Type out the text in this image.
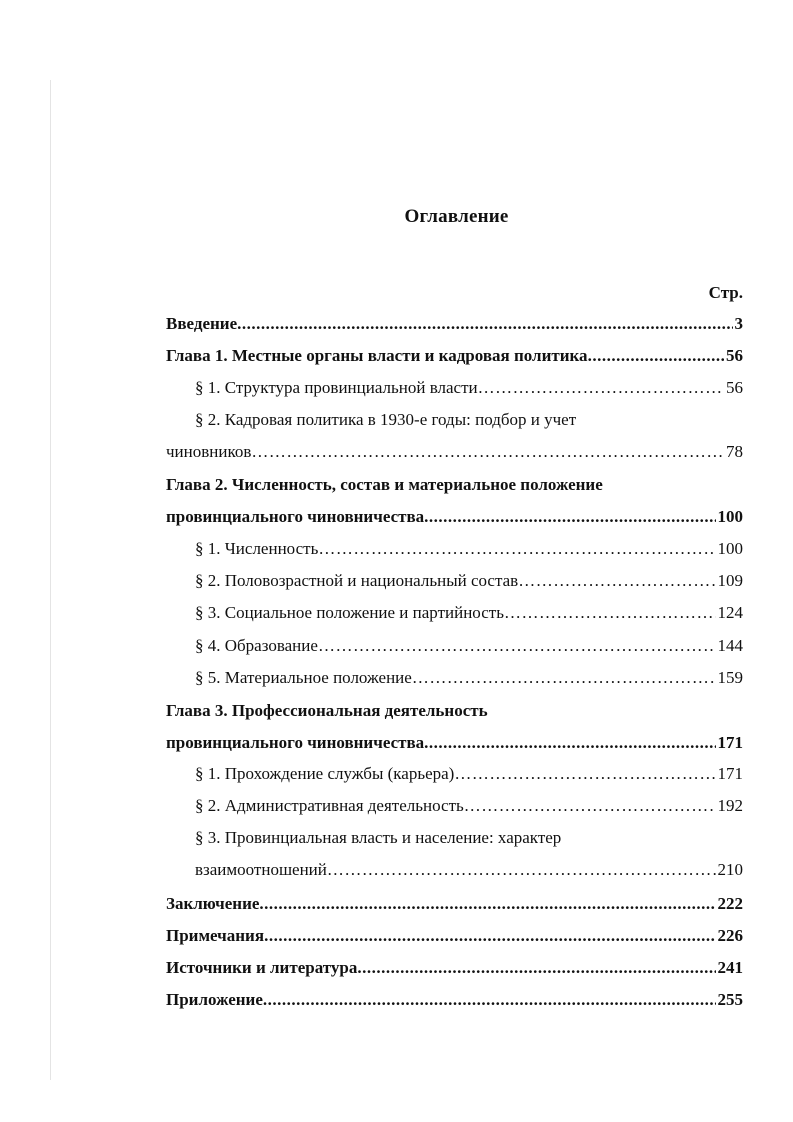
Оглавление
Стр.
Введение .....	3
Глава 1. Местные органы власти и кадровая политика .....	56
§ 1. Структура провинциальной власти …………………………………………………………………………………………………………………………………………………………………………	56
§ 2. Кадровая политика в 1930-е годы: подбор и учет
чиновников …………………………………………………………………………………………………………………………………………………………………………	78
Глава 2. Численность, состав и материальное положение
провинциального чиновничества .....	100
§ 1. Численность …………………………………………………………………………………………………………………………………………………………………………	100
§ 2. Половозрастной и национальный состав …………………………………………………………………………………………………………………………………………………………………………	109
§ 3. Социальное положение и партийность …………………………………………………………………………………………………………………………………………………………………………	124
§ 4. Образование …………………………………………………………………………………………………………………………………………………………………………	144
§ 5. Материальное положение …………………………………………………………………………………………………………………………………………………………………………	159
Глава 3. Профессиональная деятельность
провинциального чиновничества .....	171
§ 1. Прохождение службы (карьера) …………………………………………………………………………………………………………………………………………………………………………	171
§ 2. Административная деятельность …………………………………………………………………………………………………………………………………………………………………………	192
§ 3. Провинциальная власть и население: характер
взаимоотношений …………………………………………………………………………………………………………………………………………………………………………	210
Заключение .....	222
Примечания .....	226
Источники и литература .....	241
Приложение .....	255
